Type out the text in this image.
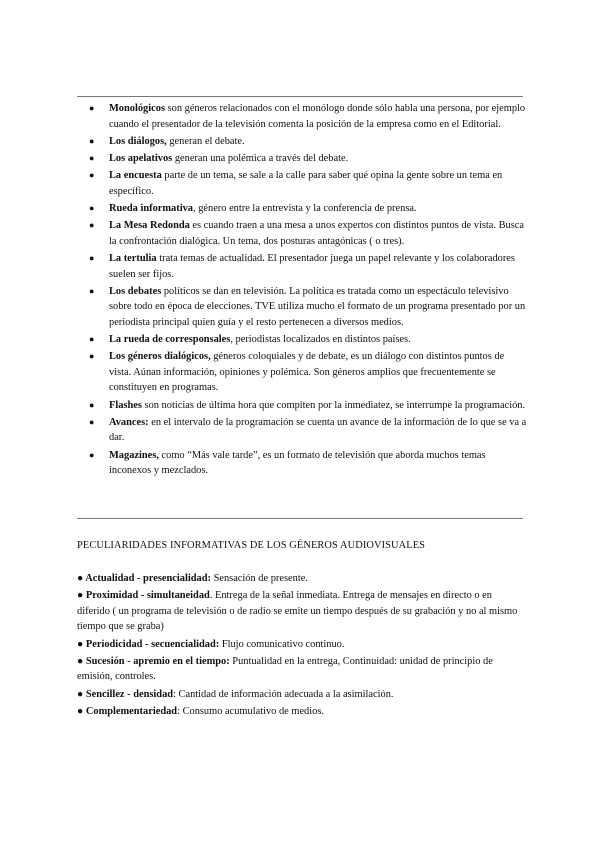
● Monológicos son géneros relacionados con el monólogo donde sólo habla una persona, por ejemplo cuando el presentador de la televisión comenta la posición de la empresa como en el Editorial.
● Los diálogos, generan el debate.
● Los apelativos generan una polémica a través del debate.
● La encuesta parte de un tema, se sale a la calle para saber qué opina la gente sobre un tema en específico.
● Rueda informativa, género entre la entrevista y la conferencia de prensa.
● La Mesa Redonda es cuando traen a una mesa a unos expertos con distintos puntos de vista. Busca la confrontación dialógica. Un tema, dos posturas antagónicas ( o tres).
● La tertulia trata temas de actualidad. El presentador juega un papel relevante y los colaboradores suelen ser fijos.
● Los debates políticos se dan en televisión. La política es tratada como un espectáculo televisivo sobre todo en época de elecciones. TVE utiliza mucho el formato de un programa presentado por un periodista principal quien guía y el resto pertenecen a diversos medios.
● La rueda de corresponsales, periodistas localizados en distintos países.
● Los géneros dialógicos, géneros coloquiales y de debate, es un diálogo con distintos puntos de vista. Aúnan información, opiniones y polémica. Son géneros amplios que frecuentemente se constituyen en programas.
● Flashes son noticias de última hora que compiten por la inmediatez, se interrumpe la programación.
● Avances: en el intervalo de la programación se cuenta un avance de la información de lo que se va a dar.
● Magazines, como “Más vale tarde”, es un formato de televisión que aborda muchos temas inconexos y mezclados.
PECULIARIDADES INFORMATIVAS DE LOS GÉNEROS AUDIOVISUALES

● Actualidad - presencialidad: Sensación de presente.

● Proximidad - simultaneidad. Entrega de la señal inmediata. Entrega de mensajes en directo o en diferido ( un programa de televisión o de radio se emite un tiempo después de su grabación y no al mismo tiempo que se graba)

● Periodicidad - secuencialidad: Flujo comunicativo continuo.

● Sucesión - apremio en el tiempo: Puntualidad en la entrega, Continuidad: unidad de principio de emisión, controles.

● Sencillez - densidad: Cantidad de información adecuada a la asimilación.

● Complementariedad: Consumo acumulativo de medios.
